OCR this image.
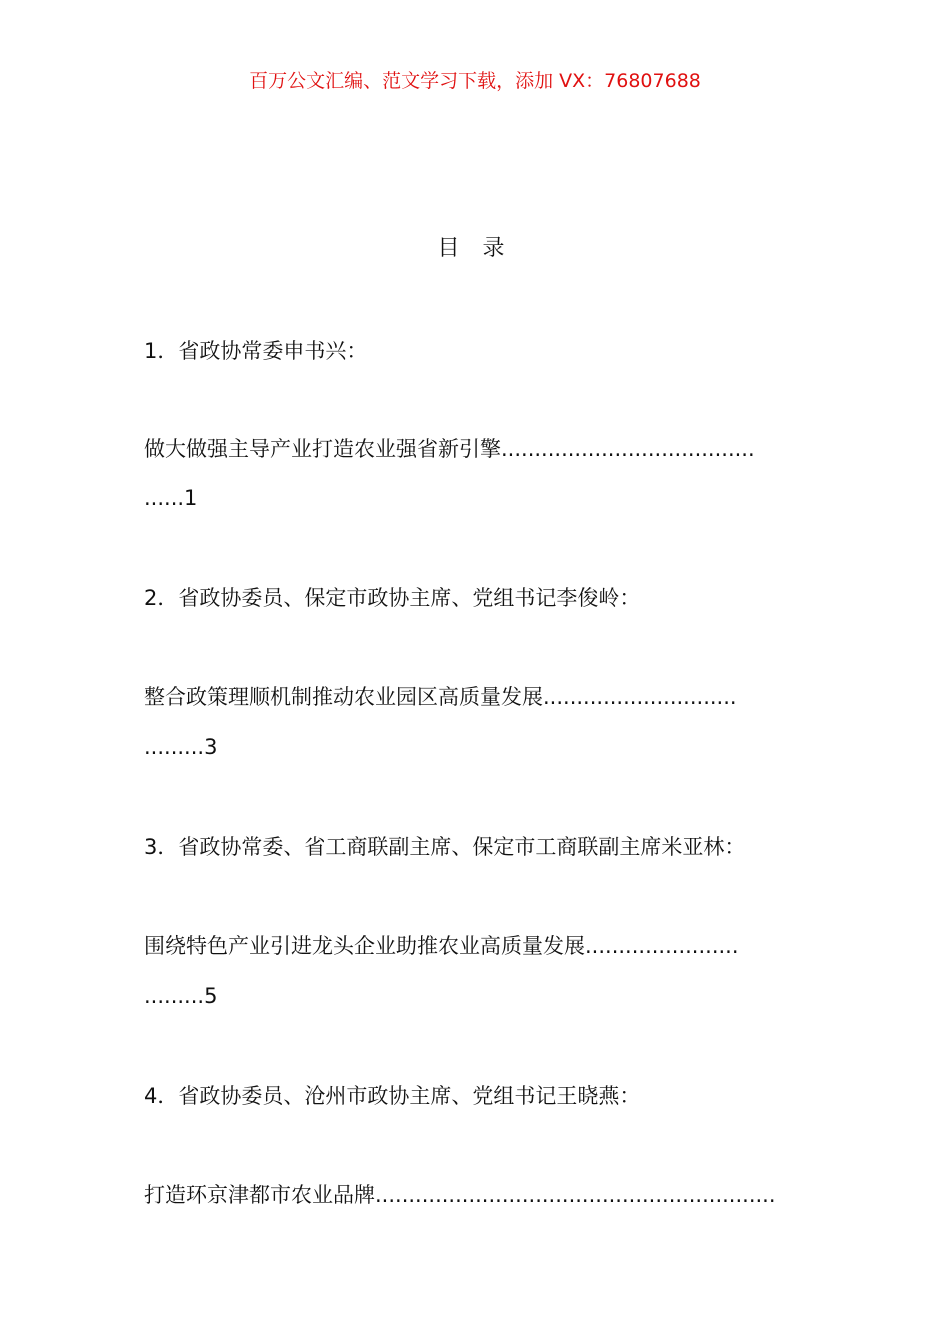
百万公文汇编、范文学习下载，添加 VX：76807688
目 录
1．省政协常委申书兴：
做大做强主导产业打造农业强省新引擎......................................
......1
2．省政协委员、保定市政协主席、党组书记李俊岭：
整合政策理顺机制推动农业园区高质量发展.............................
.........3
3．省政协常委、省工商联副主席、保定市工商联副主席米亚林：
围绕特色产业引进龙头企业助推农业高质量发展.......................
.........5
4．省政协委员、沧州市政协主席、党组书记王晓燕：
打造环京津都市农业品牌............................................................
